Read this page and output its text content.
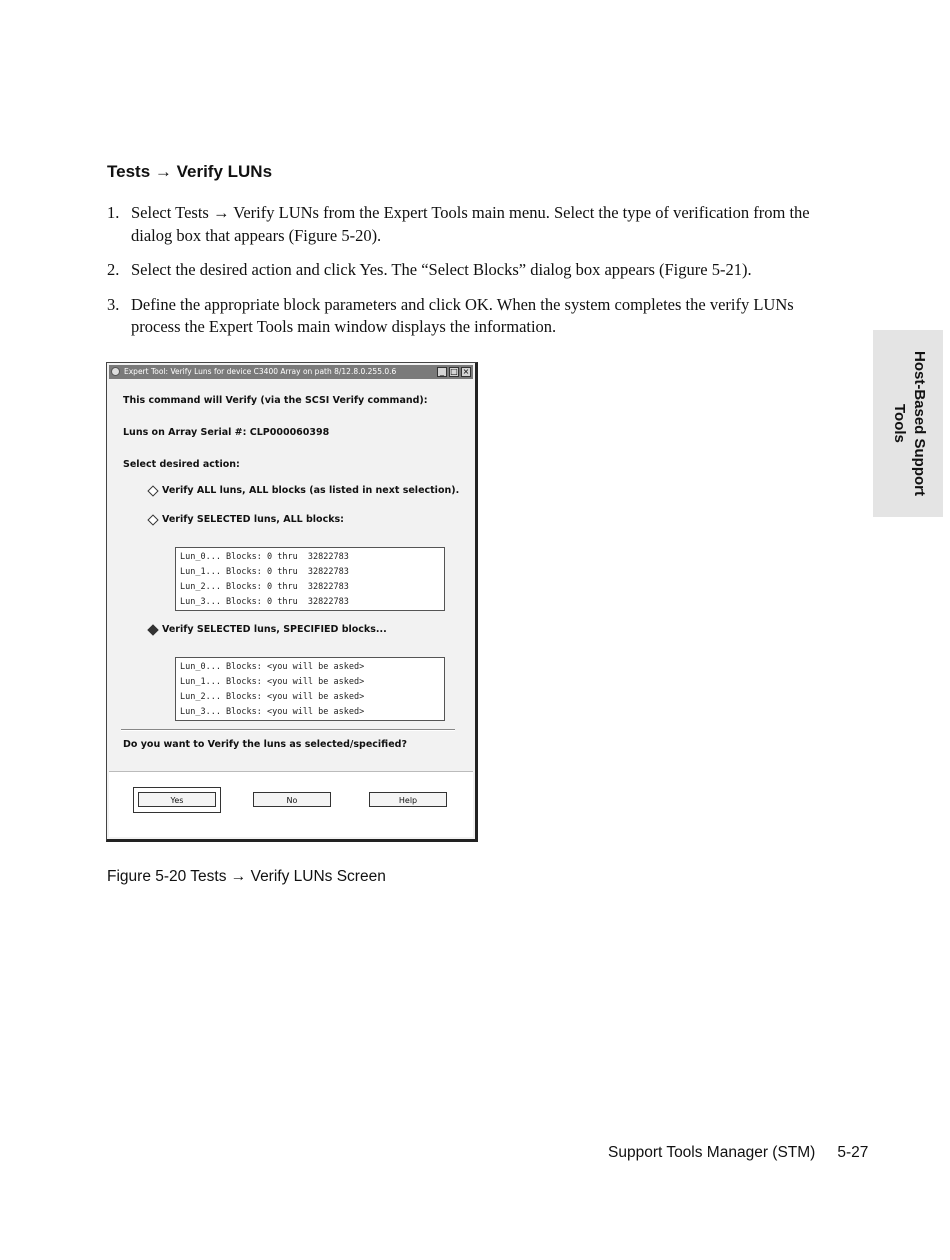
Tests → Verify LUNs
1. Select Tests → Verify LUNs from the Expert Tools main menu. Select the type of verification from the dialog box that appears (Figure 5-20).
2. Select the desired action and click Yes. The “Select Blocks” dialog box appears (Figure 5-21).
3. Define the appropriate block parameters and click OK. When the system completes the verify LUNs process the Expert Tools main window displays the information.
Host-Based Support Tools
Expert Tool: Verify Luns for device C3400 Array on path 8/12.8.0.255.0.6	_ □ ×
This command will Verify (via the SCSI Verify command):
Luns on Array Serial #: CLP000060398
Select desired action:
Verify ALL luns, ALL blocks (as listed in next selection).
Verify SELECTED luns, ALL blocks:
Lun_0... Blocks: 0 thru  32822783
Lun_1... Blocks: 0 thru  32822783
Lun_2... Blocks: 0 thru  32822783
Lun_3... Blocks: 0 thru  32822783
Verify SELECTED luns, SPECIFIED blocks...
Lun_0... Blocks: <you will be asked>
Lun_1... Blocks: <you will be asked>
Lun_2... Blocks: <you will be asked>
Lun_3... Blocks: <you will be asked>
Do you want to Verify the luns as selected/specified?
Yes	No	Help
Figure 5-20 Tests → Verify LUNs Screen
Support Tools Manager (STM) 5-27
